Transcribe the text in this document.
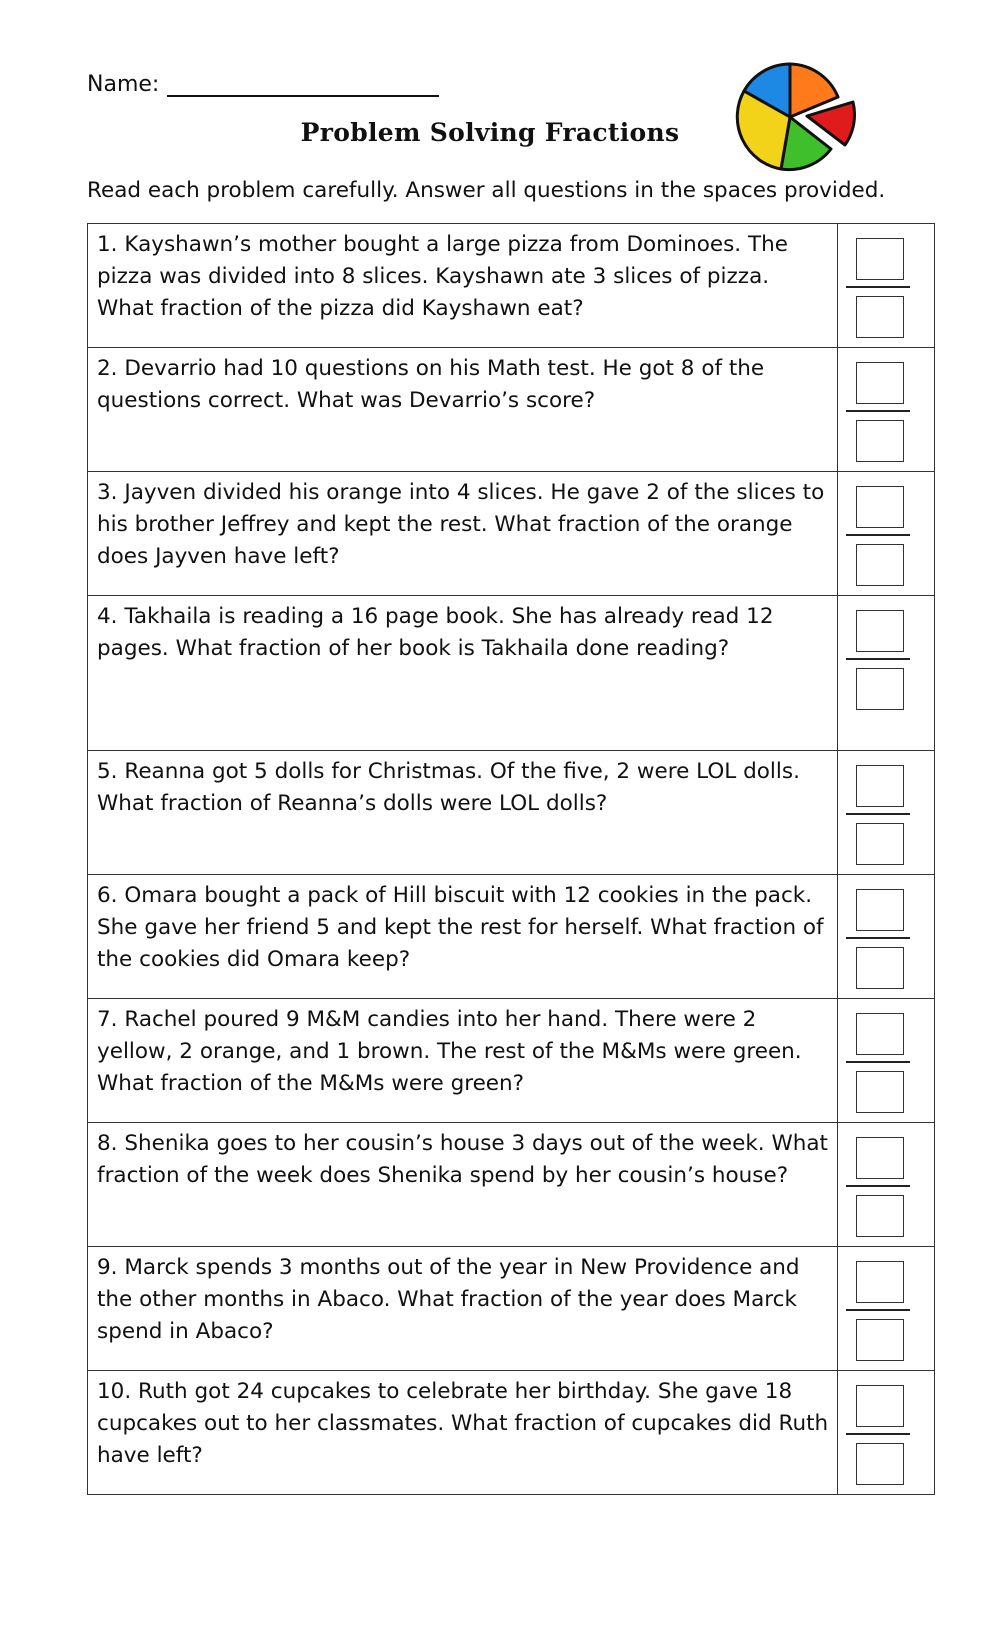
Name:
Problem Solving Fractions
Read each problem carefully. Answer all questions in the spaces provided.
1. Kayshawn’s mother bought a large pizza from Dominoes. The pizza was divided into 8 slices. Kayshawn ate 3 slices of pizza. What fraction of the pizza did Kayshawn eat?	

2. Devarrio had 10 questions on his Math test. He got 8 of the questions correct. What was Devarrio’s score?	

3. Jayven divided his orange into 4 slices. He gave 2 of the slices to his brother Jeffrey and kept the rest. What fraction of the orange does Jayven have left?	

4. Takhaila is reading a 16 page book. She has already read 12 pages. What fraction of her book is Takhaila done reading?	

5. Reanna got 5 dolls for Christmas. Of the five, 2 were LOL dolls. What fraction of Reanna’s dolls were LOL dolls?	

6. Omara bought a pack of Hill biscuit with 12 cookies in the pack. She gave her friend 5 and kept the rest for herself. What fraction of the cookies did Omara keep?	

7. Rachel poured 9 M&M candies into her hand. There were 2 yellow, 2 orange, and 1 brown. The rest of the M&Ms were green. What fraction of the M&Ms were green?	

8. Shenika goes to her cousin’s house 3 days out of the week. What fraction of the week does Shenika spend by her cousin’s house?	

9. Marck spends 3 months out of the year in New Providence and the other months in Abaco. What fraction of the year does Marck spend in Abaco?	

10. Ruth got 24 cupcakes to celebrate her birthday. She gave 18 cupcakes out to her classmates. What fraction of cupcakes did Ruth have left?	
